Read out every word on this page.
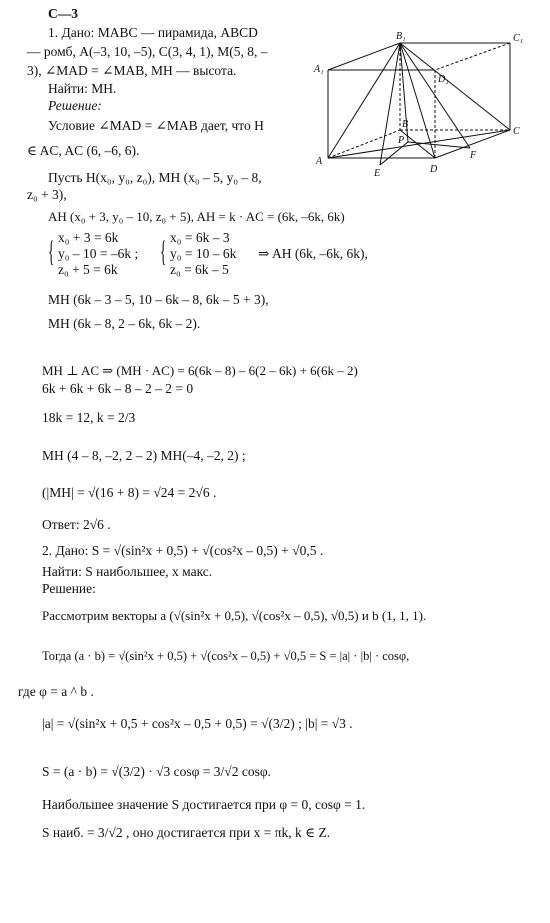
C—3
1. Дано: MABC — пирамида, ABCD
— ромб, A(–3, 10, –5), C(3, 4, 1), M(5, 8, –
3), ∠MAD = ∠MAB, MH — высота.
Найти: MH.
Решение:
Условие ∠MAD = ∠MAB дает, что H
∈ AC, AC (6, –6, 6).
Пусть H(x₀, y₀, z₀), MH (x₀ – 5, y₀ – 8,
z₀ + 3),
AH (x₀ + 3, y₀ – 10, z₀ + 5), AH = k · AC = (6k, –6k, 6k)
{ x₀ + 3 = 6k
y₀ – 10 = –6k ;
z₀ + 5 = 6k
{ x₀ = 6k – 3
y₀ = 10 – 6k
z₀ = 6k – 5
⇒ AH (6k, –6k, 6k),
MH (6k – 3 – 5, 10 – 6k – 8, 6k – 5 + 3),
MH (6k – 8, 2 – 6k, 6k – 2).
MH ⊥ AC ⇒ (MH · AC) = 6(6k – 8) – 6(2 – 6k) + 6(6k – 2)
6k + 6k + 6k – 8 – 2 – 2 = 0
18k = 12, k = 2/3
MH (4 – 8, –2, 2 – 2) MH(–4, –2, 2) ;
(|MH| = √(16 + 8) = √24 = 2√6 .
Ответ: 2√6 .
2. Дано: S = √(sin²x + 0,5) + √(cos²x – 0,5) + √0,5 .
Найти: S наибольшее, x макс.
Решение:
Рассмотрим векторы a (√(sin²x + 0,5), √(cos²x – 0,5), √0,5) и b (1, 1, 1).
Тогда (a · b) = √(sin²x + 0,5) + √(cos²x – 0,5) + √0,5 = S = |a| · |b| · cosφ,
где φ = a ^ b .
|a| = √(sin²x + 0,5 + cos²x – 0,5 + 0,5) = √(3/2) ; |b| = √3 .
S = (a · b) = √(3/2) · √3 cosφ = 3/√2 cosφ.
Наибольшее значение S достигается при φ = 0, cosφ = 1.
S наиб. = 3/√2 , оно достигается при x = πk, k ∈ Z.
B₁	C₁
A₁
D₁
B
P
C
A
E	D
F
